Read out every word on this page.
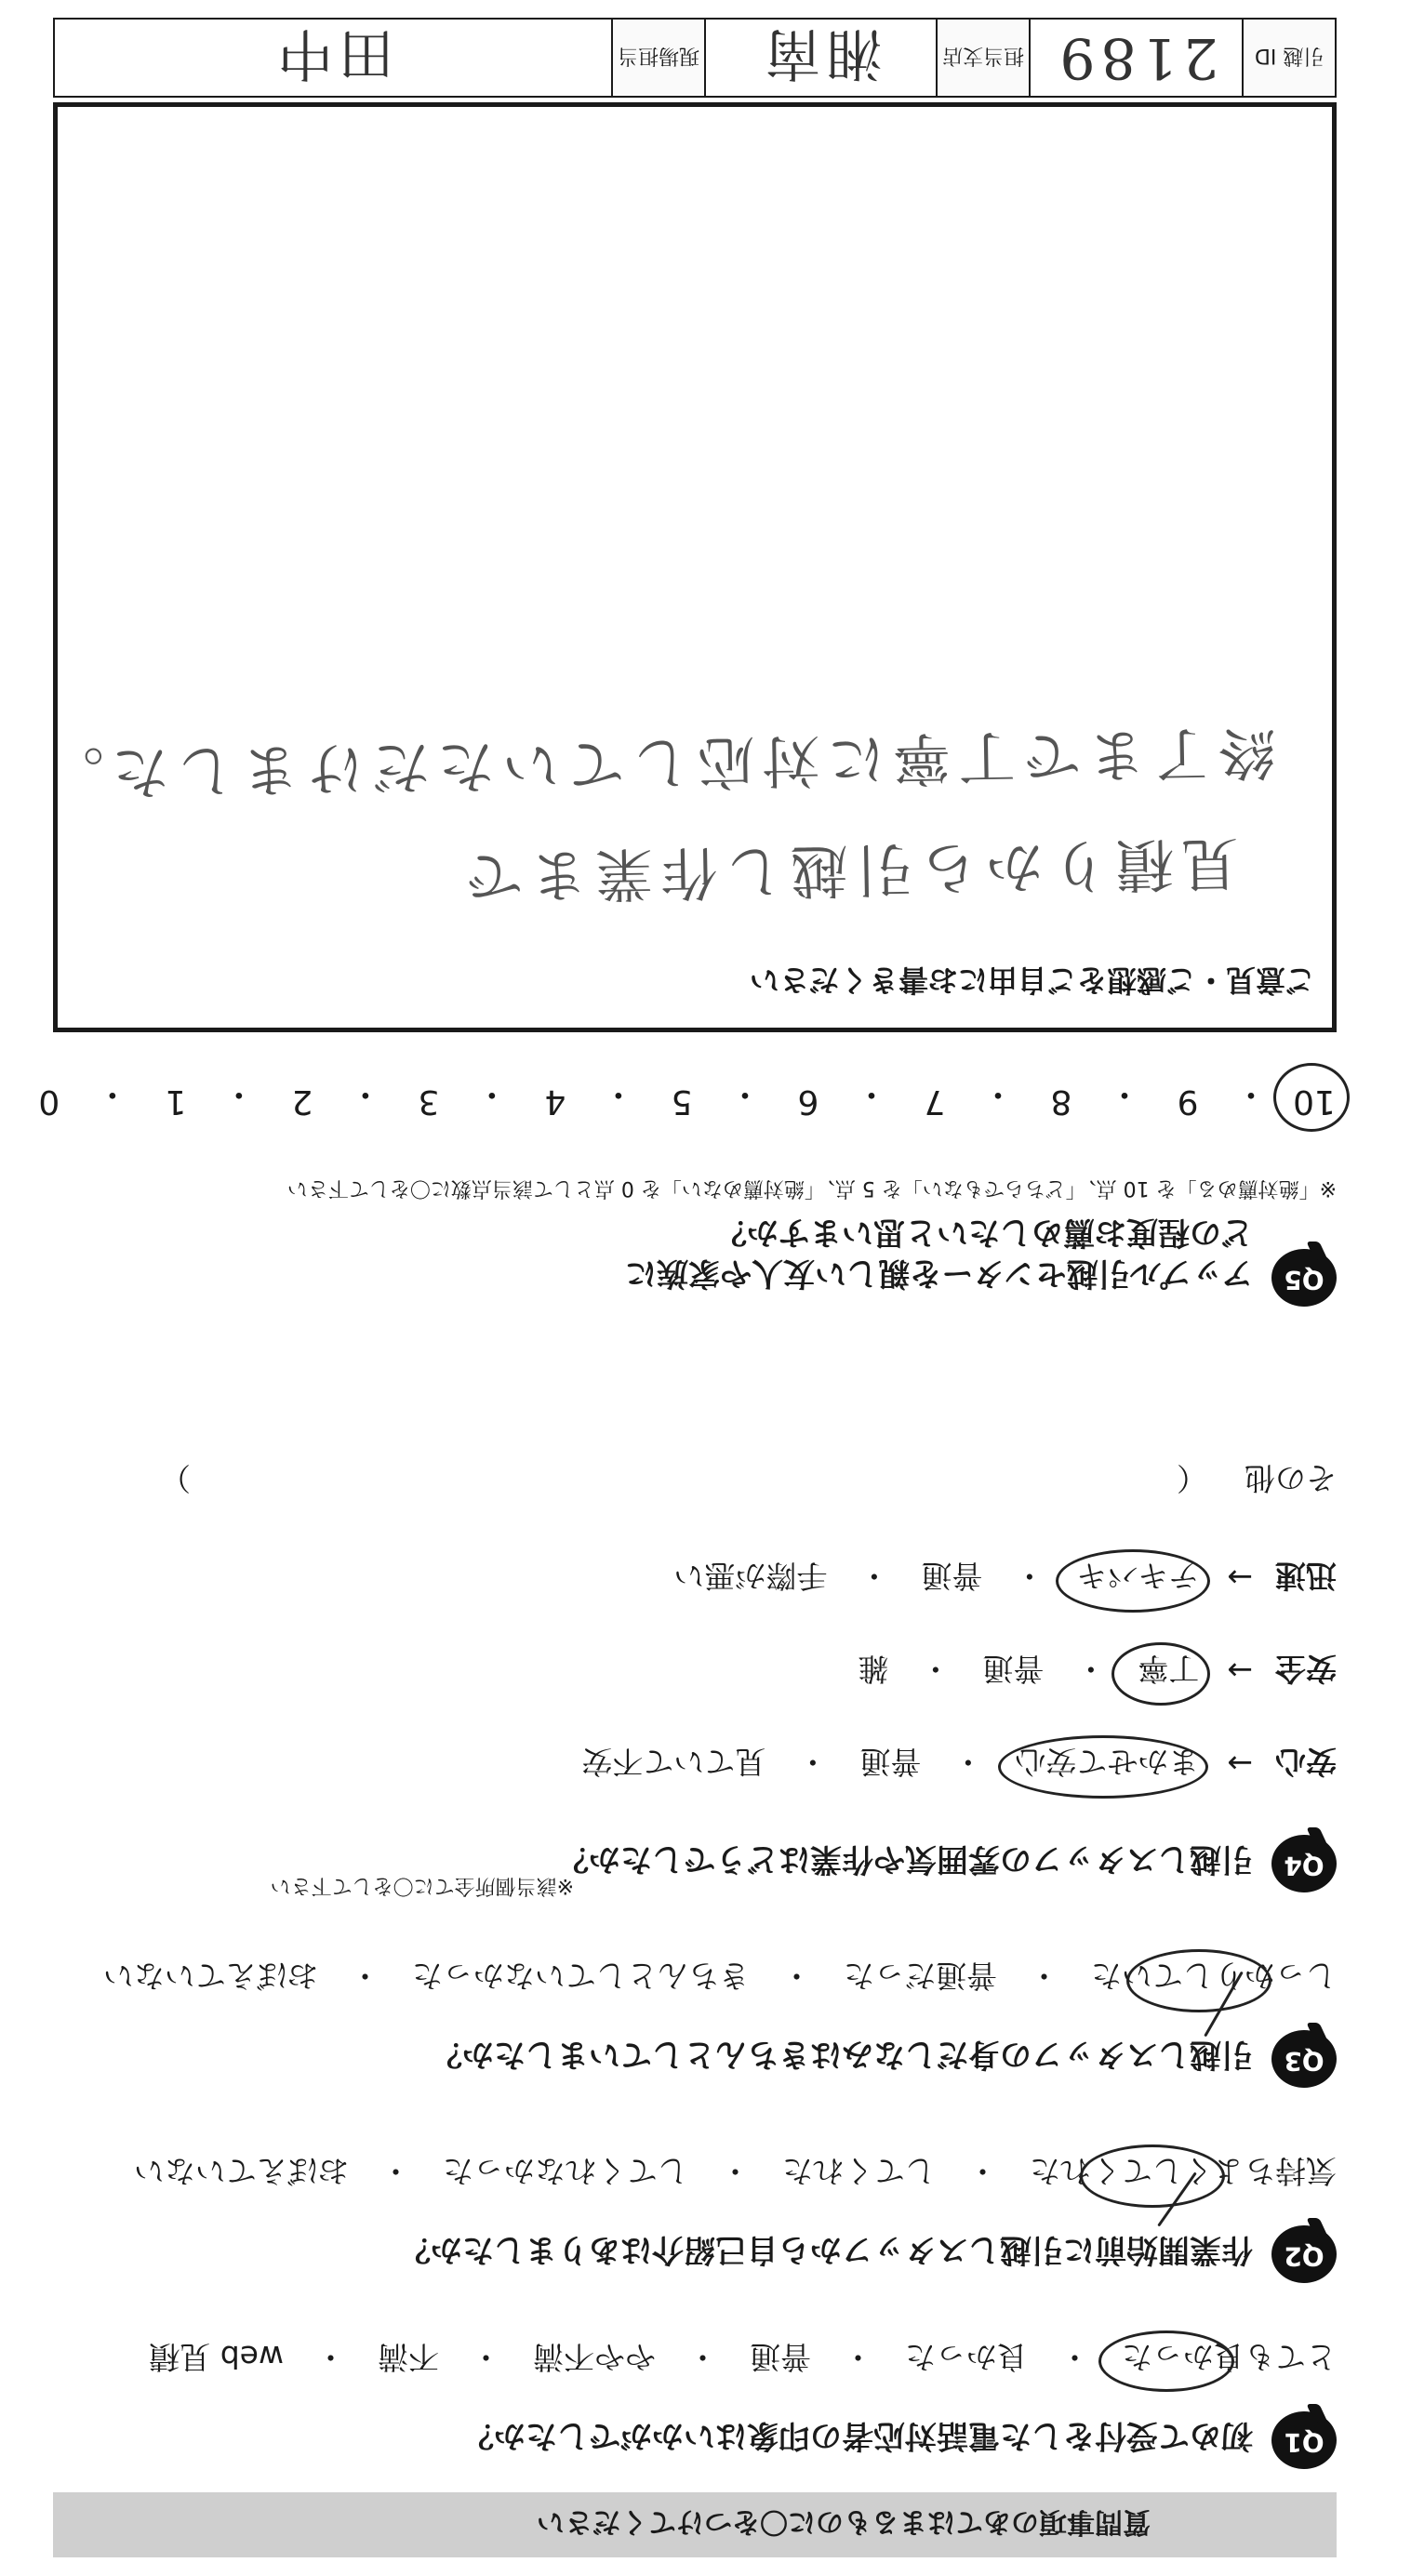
質問事項のあてはまるものに〇をつけてください
Q1
初めて受付をした電話対応者の印象はいかがでしたか？
とても良かった
・
良かった
・
普通
・
やや不満
・
不満
・
web 見積
Q2
作業開始前に引越しスタッフから自己紹介はありましたか？
気持ちよくしてくれた
・
してくれた
・
してくれなかった
・
おぼえていない
Q3
引越しスタッフの身だしなみはきちんとしていましたか？
しっかりしていた
・
普通だった
・
きちんとしていなかった
・
おぼえていない
Q4
引越しスタッフの雰囲気や作業はどうでしたか？
※該当個所全てに〇をして下さい
安心
→
まかせて安心
・
普通
・
見ていて不安
安全
→
丁寧
・
普通
・
雑
迅速
→
テキパキ
・
普通
・
手際が悪い
その他
（
）
Q5
アップル引越センターを親しい友人や家族に
どの程度お薦めしたいと思いますか？
※「絶対薦める」を 10 点、「どちらでもない」を 5 点、「絶対薦めない」を 0 点として該当点数に〇をして下さい
10
・
9
・
8
・
7
・
6
・
5
・
4
・
3
・
2
・
1
・
0
ご意見・ご感想をご自由にお書きください
見積りから引越し作業まで
終了まで丁寧に対応していただけました。
引越 ID
2189
担当支店
湘南
現場担当
田中
